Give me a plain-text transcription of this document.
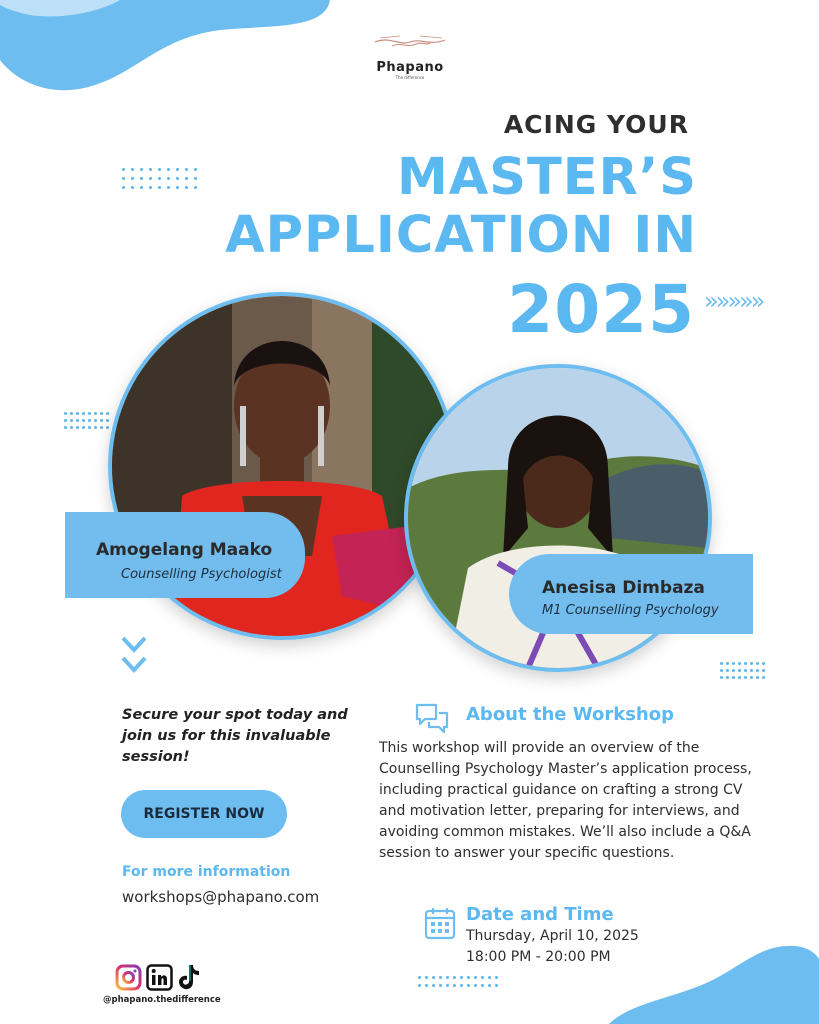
Phapano
The difference
ACING YOUR
MASTER’S
APPLICATION IN
2025 »»»»»
Amogelang Maako
Counselling Psychologist
Anesisa Dimbaza
M1 Counselling Psychology
Secure your spot today and join us for this invaluable session!
REGISTER NOW
For more information
workshops@phapano.com
About the Workshop
This workshop will provide an overview of the Counselling Psychology Master’s application process, including practical guidance on crafting a strong CV and motivation letter, preparing for interviews, and avoiding common mistakes. We’ll also include a Q&A session to answer your specific questions.
Date and Time
Thursday, April 10, 2025
18:00 PM - 20:00 PM
@phapano.thedifference
